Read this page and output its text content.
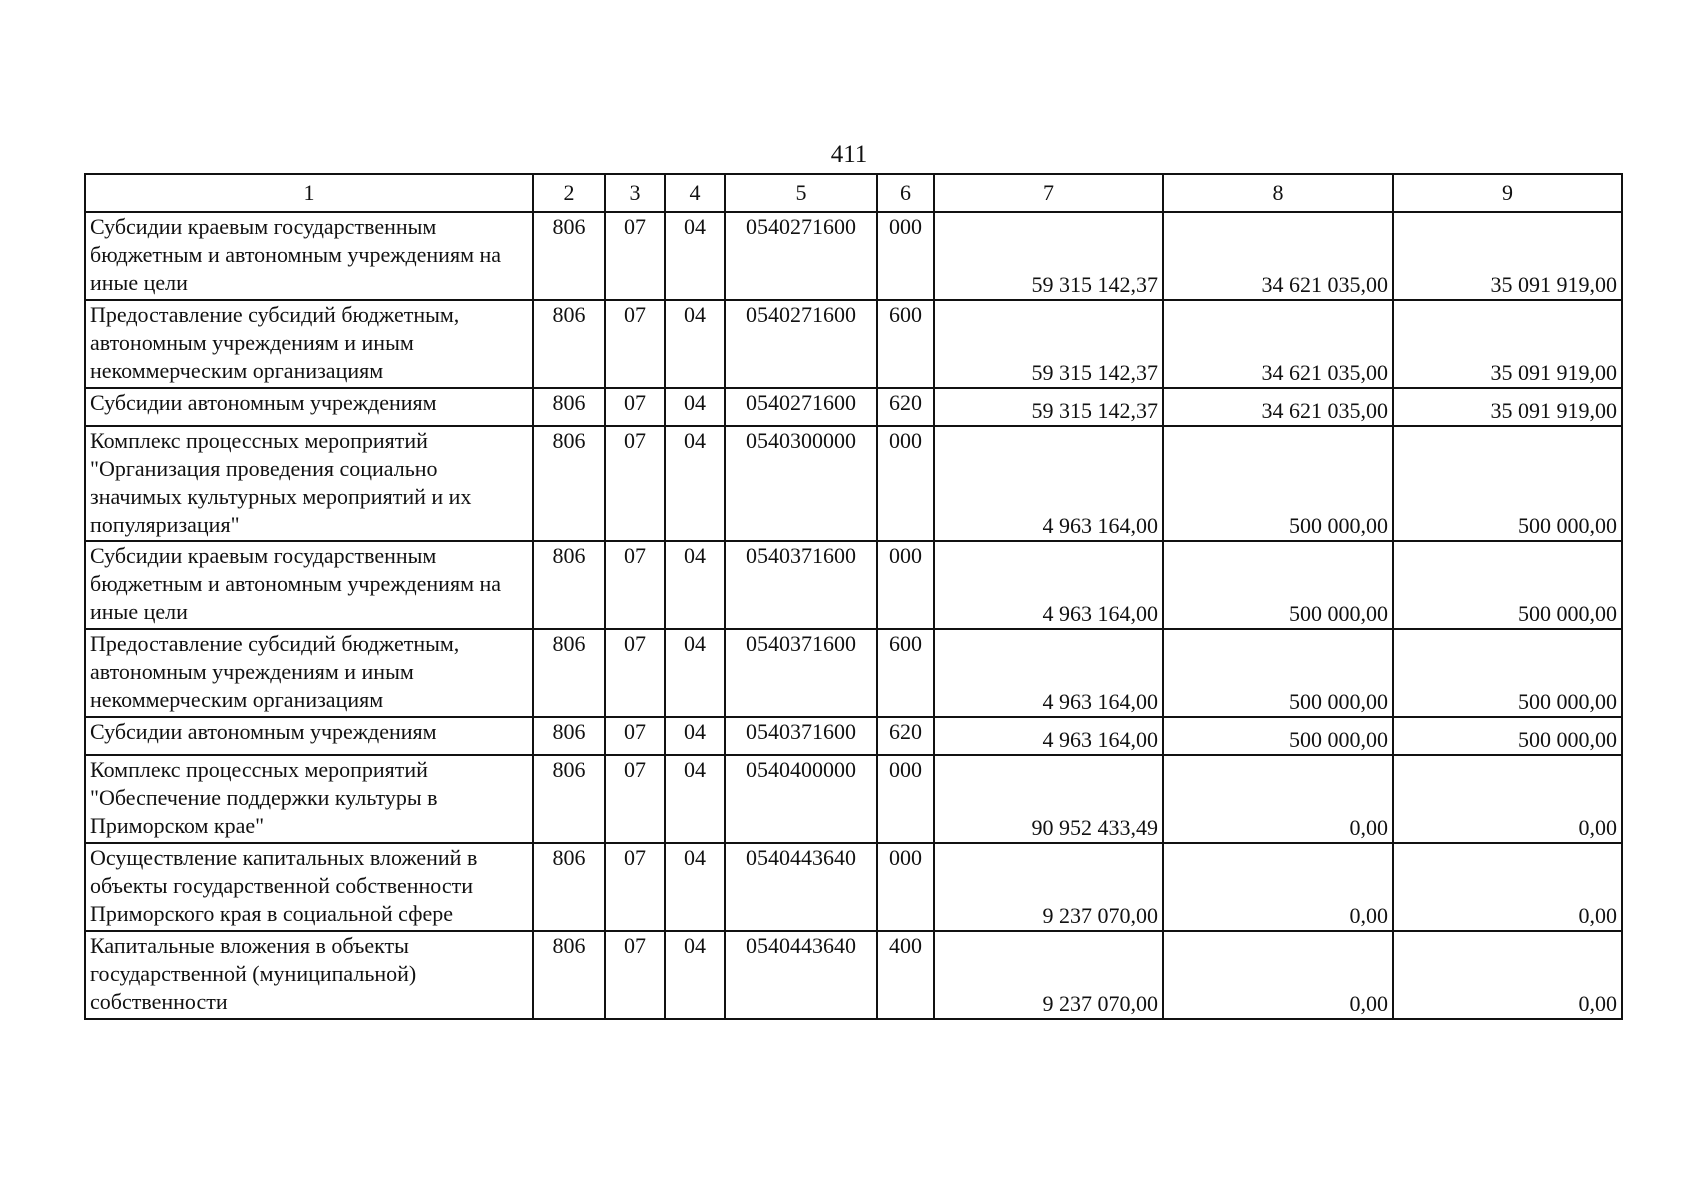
411
1	2	3	4	5	6	7	8	9
Субсидии краевым государственным бюджетным и автономным учреждениям на иные цели	806	07	04	0540271600	000	59 315 142,37	34 621 035,00	35 091 919,00
Предоставление субсидий бюджетным, автономным учреждениям и иным некоммерческим организациям	806	07	04	0540271600	600	59 315 142,37	34 621 035,00	35 091 919,00
Субсидии автономным учреждениям	806	07	04	0540271600	620	59 315 142,37	34 621 035,00	35 091 919,00
Комплекс процессных мероприятий "Организация проведения социально значимых культурных мероприятий и их популяризация"	806	07	04	0540300000	000	4 963 164,00	500 000,00	500 000,00
Субсидии краевым государственным бюджетным и автономным учреждениям на иные цели	806	07	04	0540371600	000	4 963 164,00	500 000,00	500 000,00
Предоставление субсидий бюджетным, автономным учреждениям и иным некоммерческим организациям	806	07	04	0540371600	600	4 963 164,00	500 000,00	500 000,00
Субсидии автономным учреждениям	806	07	04	0540371600	620	4 963 164,00	500 000,00	500 000,00
Комплекс процессных мероприятий "Обеспечение поддержки культуры в Приморском крае"	806	07	04	0540400000	000	90 952 433,49	0,00	0,00
Осуществление капитальных вложений в объекты государственной собственности Приморского края в социальной сфере	806	07	04	0540443640	000	9 237 070,00	0,00	0,00
Капитальные вложения в объекты государственной (муниципальной) собственности	806	07	04	0540443640	400	9 237 070,00	0,00	0,00
